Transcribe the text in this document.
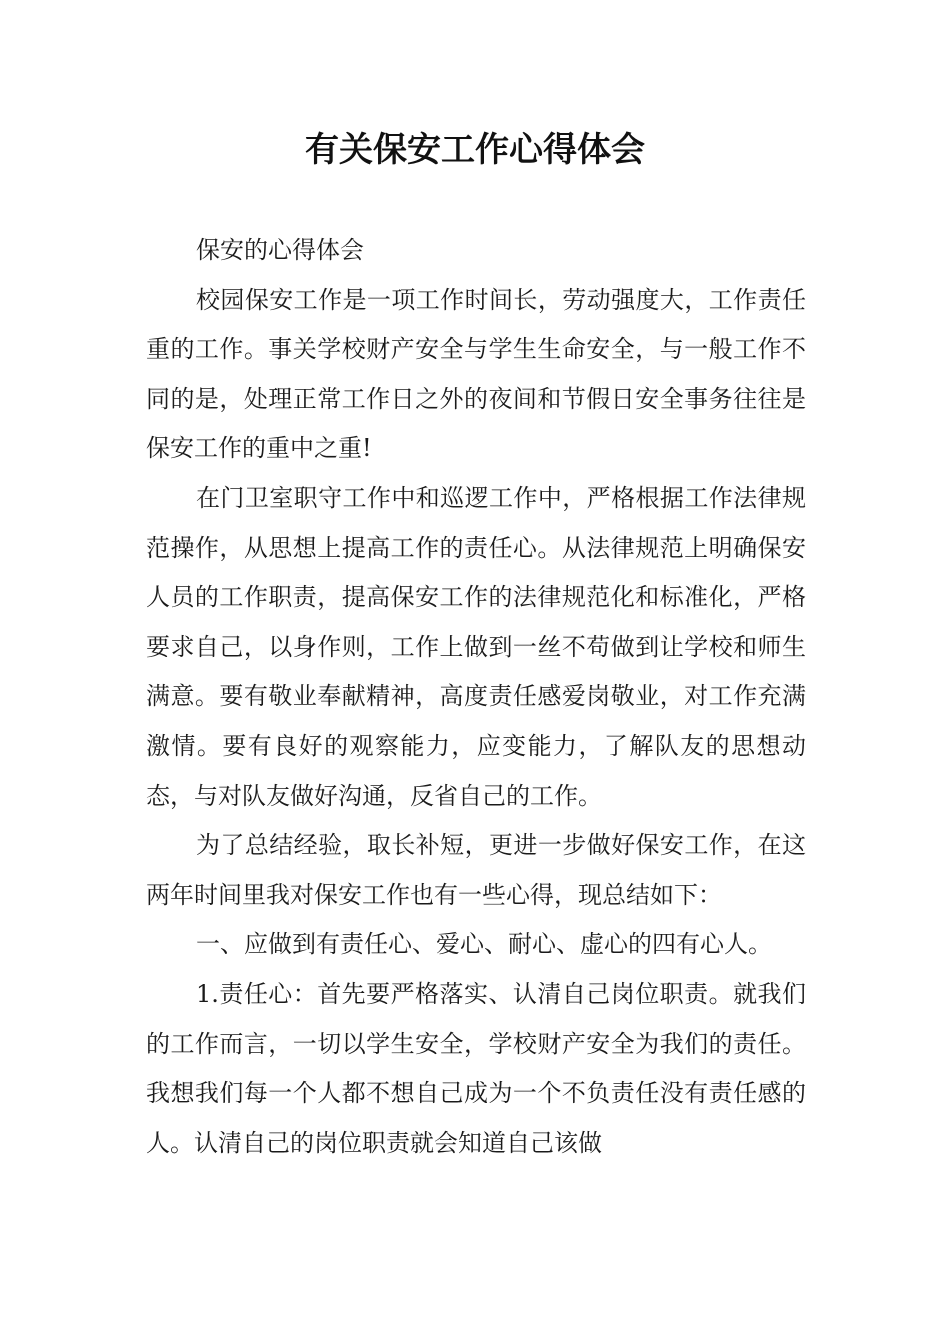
有关保安工作心得体会

保安的心得体会

校园保安工作是一项工作时间长，劳动强度大，工作责任重的工作。事关学校财产安全与学生生命安全，与一般工作不同的是，处理正常工作日之外的夜间和节假日安全事务往往是保安工作的重中之重!

在门卫室职守工作中和巡逻工作中，严格根据工作法律规范操作，从思想上提高工作的责任心。从法律规范上明确保安人员的工作职责，提高保安工作的法律规范化和标准化，严格要求自己，以身作则，工作上做到一丝不苟做到让学校和师生满意。要有敬业奉献精神，高度责任感爱岗敬业，对工作充满激情。要有良好的观察能力，应变能力，了解队友的思想动态，与对队友做好沟通，反省自己的工作。

为了总结经验，取长补短，更进一步做好保安工作，在这两年时间里我对保安工作也有一些心得，现总结如下：

一、应做到有责任心、爱心、耐心、虚心的四有心人。

1.责任心：首先要严格落实、认清自己岗位职责。就我们的工作而言，一切以学生安全，学校财产安全为我们的责任。我想我们每一个人都不想自己成为一个不负责任没有责任感的人。认清自己的岗位职责就会知道自己该做
